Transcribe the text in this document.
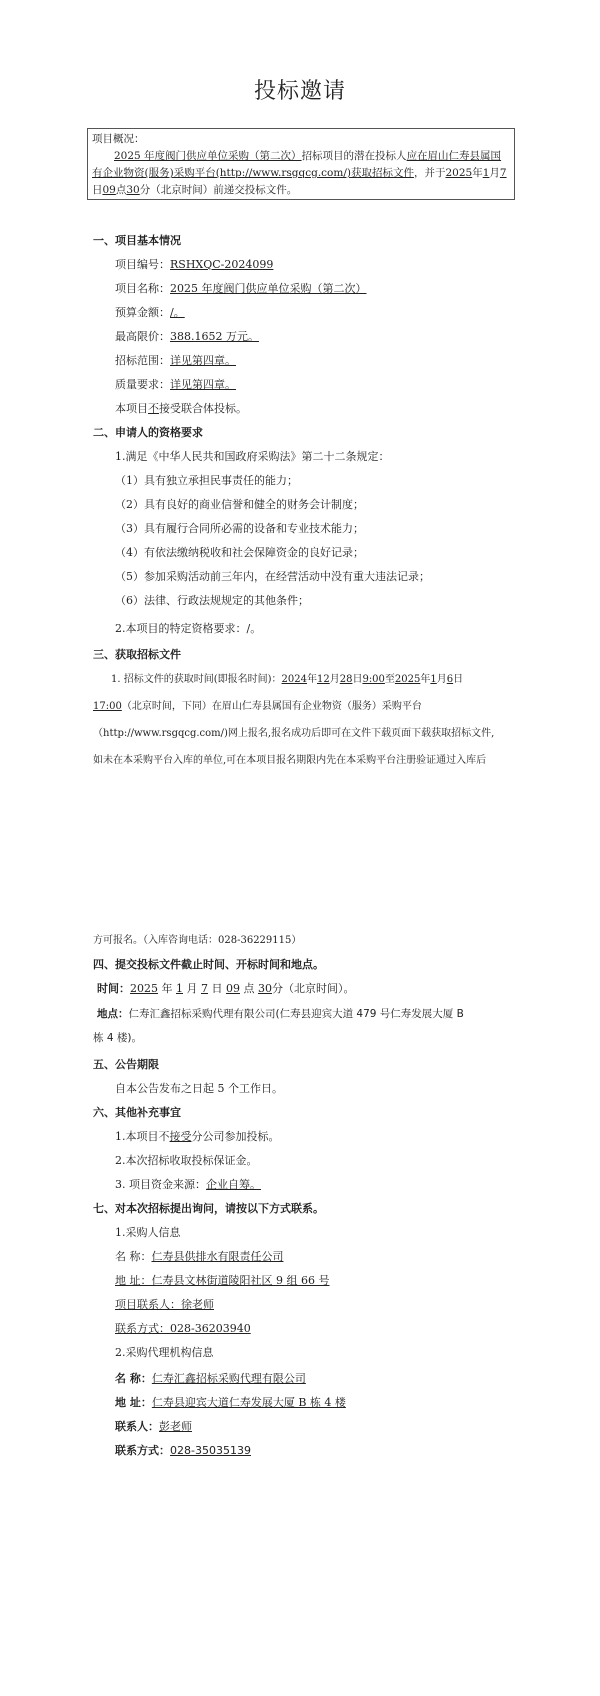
投标邀请

项目概况：

2025 年度阀门供应单位采购（第二次）招标项目的潜在投标人应在眉山仁寿县属国有企业物资(服务)采购平台(http://www.rsgqcg.com/)获取招标文件，并于2025年1月7日09点30分（北京时间）前递交投标文件。

一、项目基本情况
项目编号：RSHXQC-2024099
项目名称：2025 年度阀门供应单位采购（第二次）
预算金额：/。
最高限价：388.1652 万元。
招标范围：详见第四章。
质量要求：详见第四章。
本项目不接受联合体投标。
二、申请人的资格要求
1.满足《中华人民共和国政府采购法》第二十二条规定：
（1）具有独立承担民事责任的能力；
（2）具有良好的商业信誉和健全的财务会计制度；
（3）具有履行合同所必需的设备和专业技术能力；
（4）有依法缴纳税收和社会保障资金的良好记录；
（5）参加采购活动前三年内，在经营活动中没有重大违法记录；
（6）法律、行政法规规定的其他条件；
2.本项目的特定资格要求：/。
三、获取招标文件

1. 招标文件的获取时间(即报名时间)：2024年12月28日9:00至2025年1月6日

17:00（北京时间，下同）在眉山仁寿县属国有企业物资（服务）采购平台

（http://www.rsgqcg.com/)网上报名,报名成功后即可在文件下载页面下载获取招标文件,

如未在本采购平台入库的单位,可在本项目报名期限内先在本采购平台注册验证通过入库后

方可报名。（入库咨询电话：028-36229115）
四、提交投标文件截止时间、开标时间和地点。
时间：2025 年 1 月 7 日 09 点 30分（北京时间）。
地点：仁寿汇鑫招标采购代理有限公司(仁寿县迎宾大道 479 号仁寿发展大厦 B
栋 4 楼)。
五、公告期限
自本公告发布之日起 5 个工作日。
六、其他补充事宜
1.本项目不接受分公司参加投标。
2.本次招标收取投标保证金。
3. 项目资金来源：企业自筹。
七、对本次招标提出询问，请按以下方式联系。
1.采购人信息
名 称：仁寿县供排水有限责任公司
地 址：仁寿县文林街道陵阳社区 9 组 66 号
项目联系人：徐老师
联系方式：028-36203940
2.采购代理机构信息
名 称：仁寿汇鑫招标采购代理有限公司
地 址：仁寿县迎宾大道仁寿发展大厦 B 栋 4 楼
联系人：彭老师
联系方式：028-35035139
